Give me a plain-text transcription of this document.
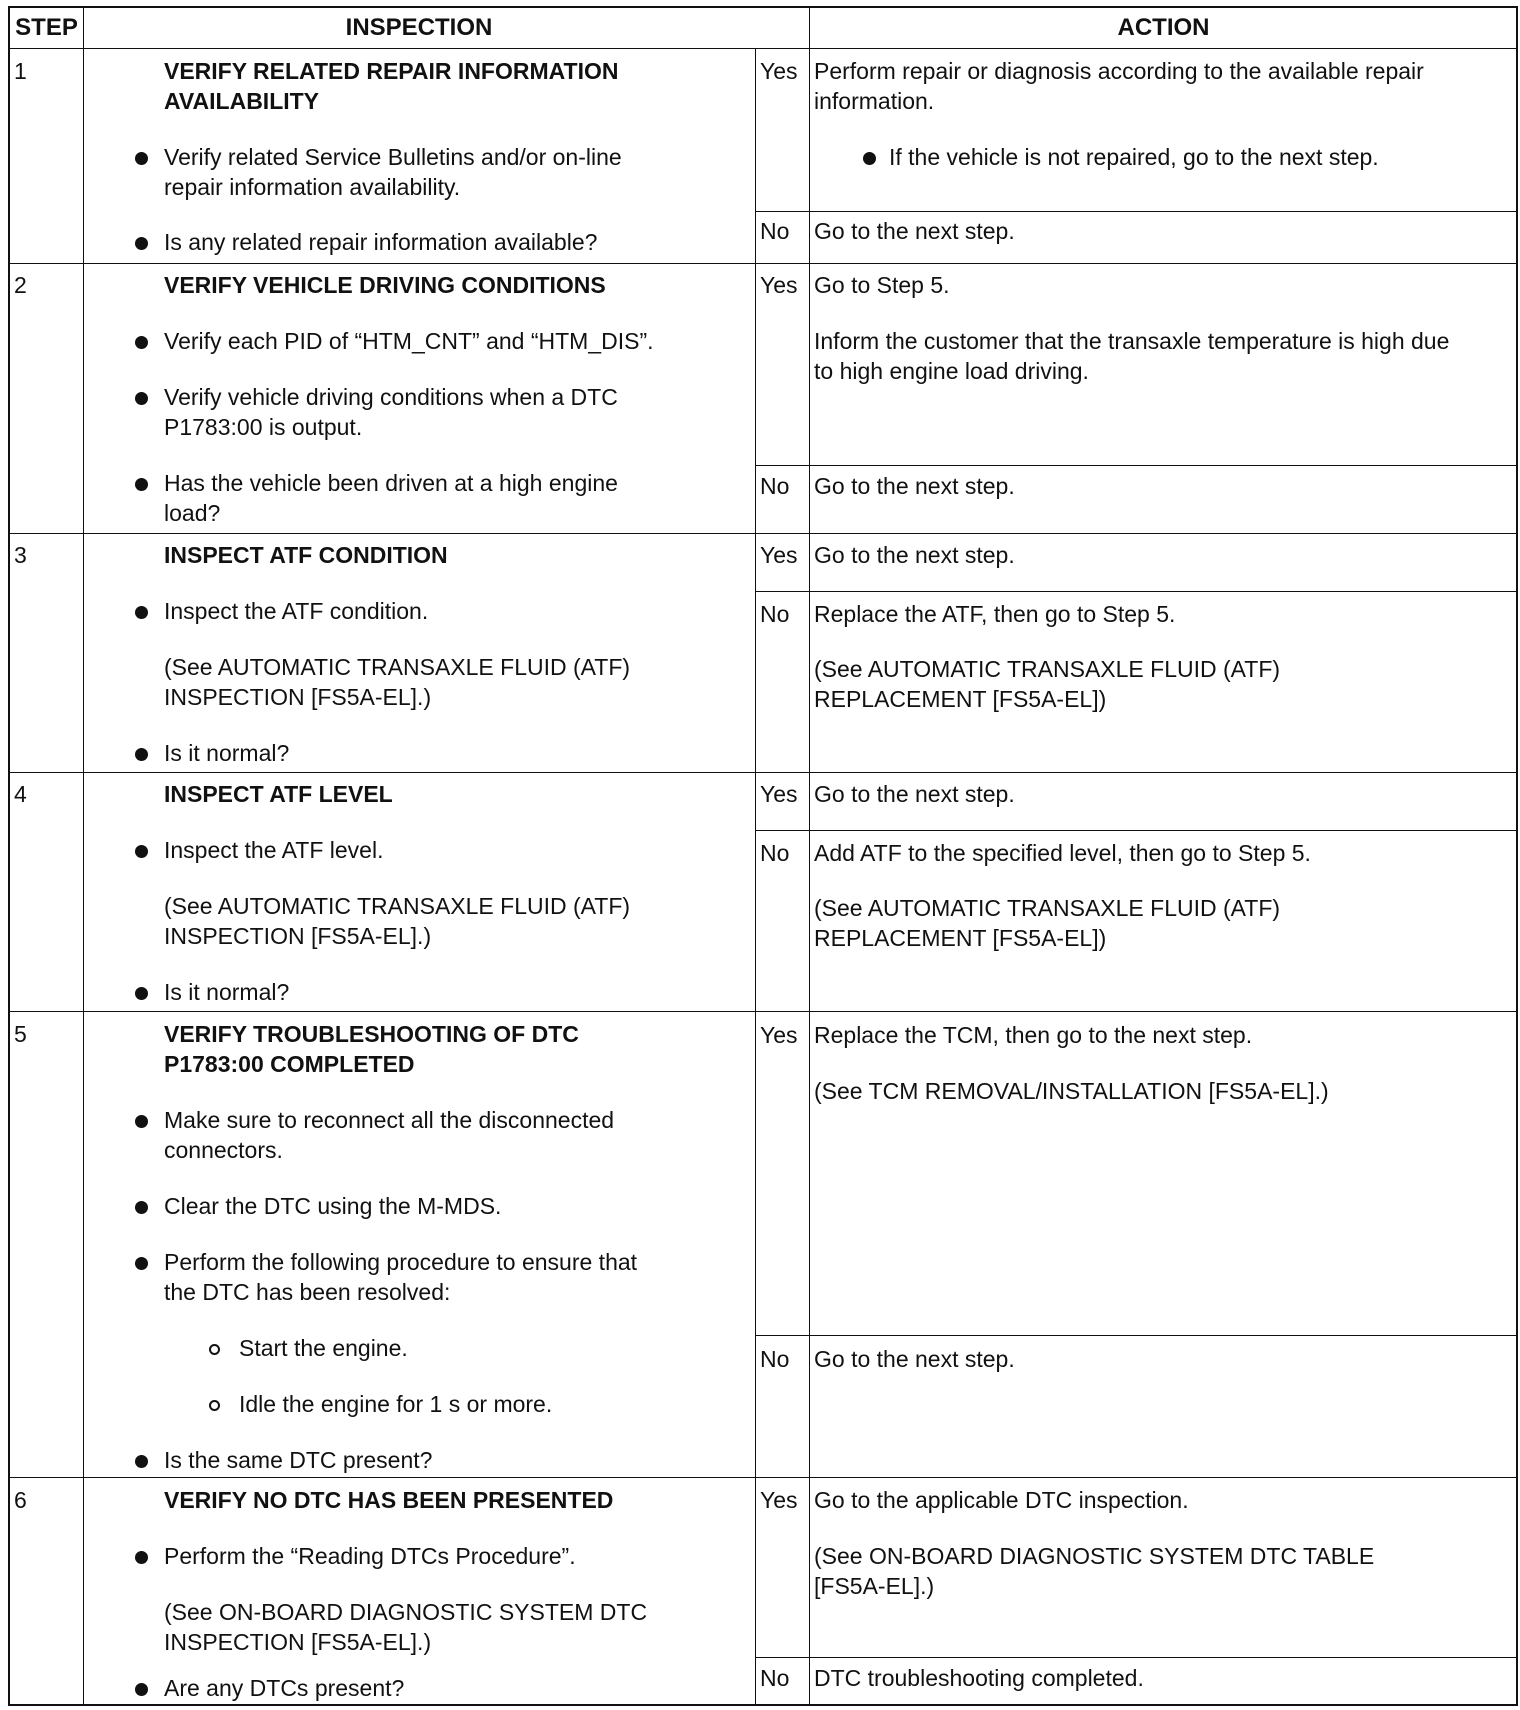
STEP	INSPECTION	ACTION
1	VERIFY RELATED REPAIR INFORMATION
AVAILABILITY
Verify related Service Bulletins and/or on-line
repair information availability.
Is any related repair information available?
Yes Perform repair or diagnosis according to the available repair
information.
If the vehicle is not repaired, go to the next step.
No Go to the next step.
2	VERIFY VEHICLE DRIVING CONDITIONS
Verify each PID of “HTM_CNT” and “HTM_DIS”.
Verify vehicle driving conditions when a DTC
P1783:00 is output.
Has the vehicle been driven at a high engine
load?
Yes Go to Step 5.
Inform the customer that the transaxle temperature is high due
to high engine load driving.
No Go to the next step.
3	INSPECT ATF CONDITION
Inspect the ATF condition.
(See AUTOMATIC TRANSAXLE FLUID (ATF)
INSPECTION [FS5A-EL].)
Is it normal?
Yes Go to the next step.
No Replace the ATF, then go to Step 5.
(See AUTOMATIC TRANSAXLE FLUID (ATF)
REPLACEMENT [FS5A-EL])
4	INSPECT ATF LEVEL
Inspect the ATF level.
(See AUTOMATIC TRANSAXLE FLUID (ATF)
INSPECTION [FS5A-EL].)
Is it normal?
Yes Go to the next step.
No Add ATF to the specified level, then go to Step 5.
(See AUTOMATIC TRANSAXLE FLUID (ATF)
REPLACEMENT [FS5A-EL])
5	VERIFY TROUBLESHOOTING OF DTC
P1783:00 COMPLETED
Make sure to reconnect all the disconnected
connectors.
Clear the DTC using the M-MDS.
Perform the following procedure to ensure that
the DTC has been resolved:
Start the engine.
Idle the engine for 1 s or more.
Is the same DTC present?
Yes Replace the TCM, then go to the next step.
(See TCM REMOVAL/INSTALLATION [FS5A-EL].)
No Go to the next step.
6	VERIFY NO DTC HAS BEEN PRESENTED
Perform the “Reading DTCs Procedure”.
(See ON-BOARD DIAGNOSTIC SYSTEM DTC
INSPECTION [FS5A-EL].)
Are any DTCs present?
Yes Go to the applicable DTC inspection.
(See ON-BOARD DIAGNOSTIC SYSTEM DTC TABLE
[FS5A-EL].)
No DTC troubleshooting completed.
